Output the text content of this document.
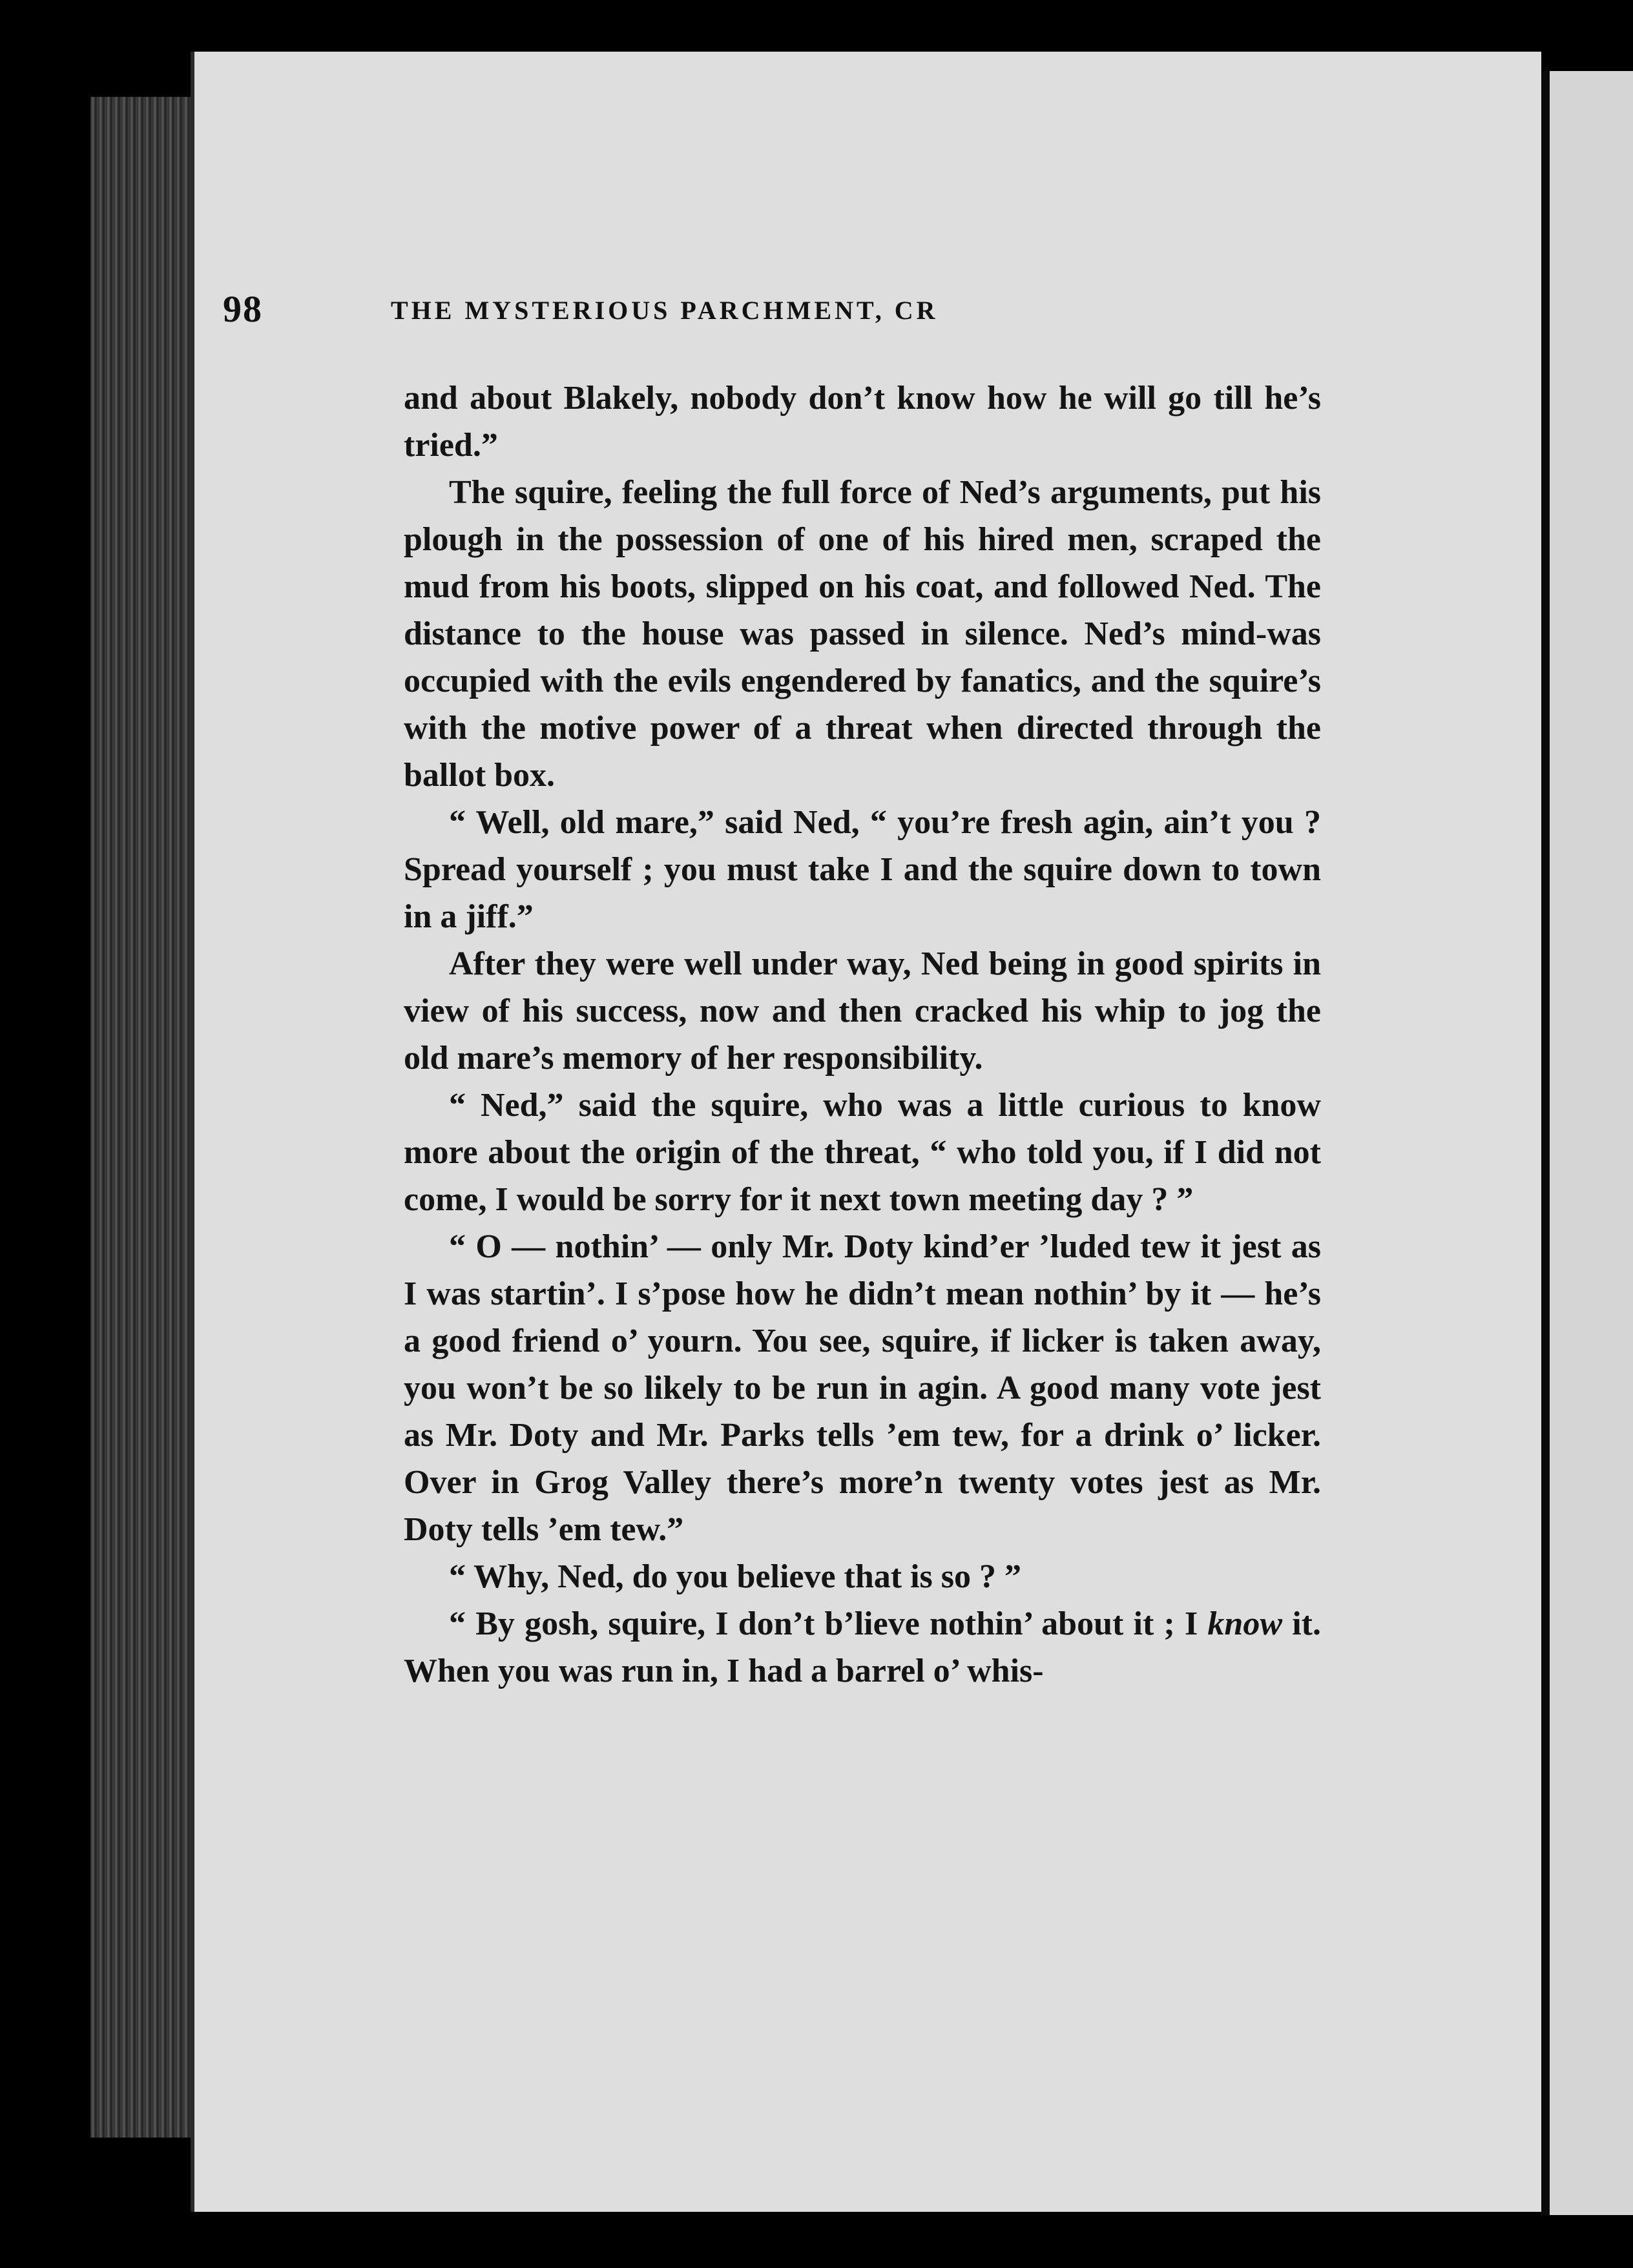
98	THE MYSTERIOUS PARCHMENT, CR

and about Blakely, nobody don’t know how he will go till he’s tried.”

The squire, feeling the full force of Ned’s arguments, put his plough in the possession of one of his hired men, scraped the mud from his boots, slipped on his coat, and followed Ned. The distance to the house was passed in silence. Ned’s mind-was occupied with the evils engendered by fanatics, and the squire’s with the motive power of a threat when directed through the ballot box.

“ Well, old mare,” said Ned, “ you’re fresh agin, ain’t you ? Spread yourself ; you must take I and the squire down to town in a jiff.”

After they were well under way, Ned being in good spirits in view of his success, now and then cracked his whip to jog the old mare’s memory of her responsibility.

“ Ned,” said the squire, who was a little curious to know more about the origin of the threat, “ who told you, if I did not come, I would be sorry for it next town meeting day ? ”

“ O — nothin’ — only Mr. Doty kind’er ’luded tew it jest as I was startin’. I s’pose how he didn’t mean nothin’ by it — he’s a good friend o’ yourn. You see, squire, if licker is taken away, you won’t be so likely to be run in agin. A good many vote jest as Mr. Doty and Mr. Parks tells ’em tew, for a drink o’ licker. Over in Grog Valley there’s more’n twenty votes jest as Mr. Doty tells ’em tew.”

“ Why, Ned, do you believe that is so ? ”

“ By gosh, squire, I don’t b’lieve nothin’ about it ; I know it. When you was run in, I had a barrel o’ whis-
